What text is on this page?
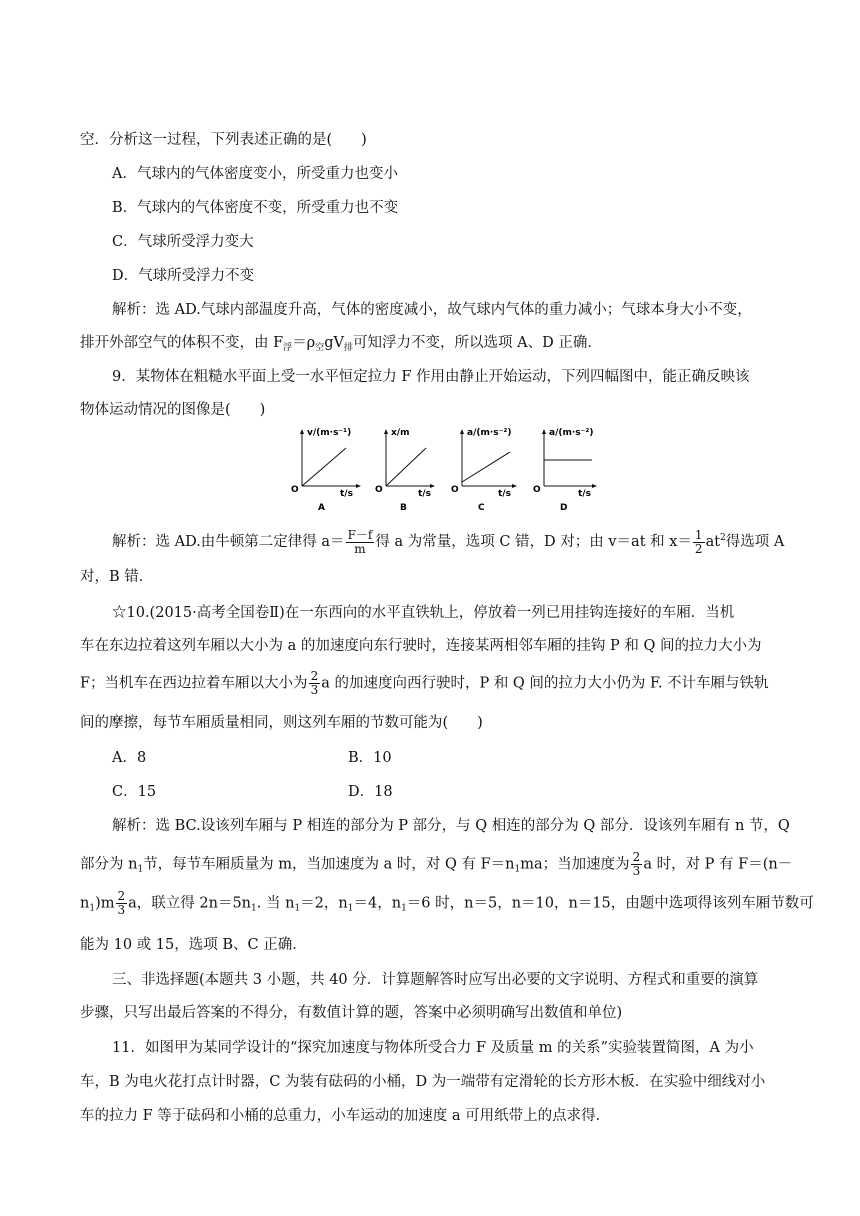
空．分析这一过程，下列表述正确的是(　　)
A．气球内的气体密度变小，所受重力也变小
B．气球内的气体密度不变，所受重力也不变
C．气球所受浮力变大
D．气球所受浮力不变
解析：选 AD.气球内部温度升高，气体的密度减小，故气球内气体的重力减小；气球本身大小不变，
排开外部空气的体积不变，由 $F_浮=\rho_空gV_排$可知浮力不变，所以选项 A、D 正确．
9．某物体在粗糙水平面上受一水平恒定拉力 F 作用由静止开始运动，下列四幅图中，能正确反映该
物体运动情况的图像是(　　)
v/(m·s⁻¹)
t/s
O
A
x/m
t/s
O
B
a/(m·s⁻²)
t/s
O
C
a/(m·s⁻²)
t/s
O
D
解析：选 AD.由牛顿第二定律得 $a= \frac{F-f}{m}$ 得 a 为常量，选项 C 错，D 对；由 v＝at 和 $x= \frac{1}{2} at^2$得选项 A
对，B 错．
☆10.(2015·高考全国卷Ⅱ)在一东西向的水平直铁轨上，停放着一列已用挂钩连接好的车厢．当机
车在东边拉着这列车厢以大小为 a 的加速度向东行驶时，连接某两相邻车厢的挂钩 P 和 Q 间的拉力大小为
F；当机车在西边拉着车厢以大小为 $\frac{2}{3}$ a 的加速度向西行驶时，P 和 Q 间的拉力大小仍为 F. 不计车厢与铁轨
间的摩擦，每节车厢质量相同，则这列车厢的节数可能为(　　)
A．8	B．10
C．15	D．18
解析：选 BC.设该列车厢与 P 相连的部分为 P 部分，与 Q 相连的部分为 Q 部分．设该列车厢有 n 节，Q
部分为 $n_1$节，每节车厢质量为 m，当加速度为 a 时，对 Q 有 $F=n_1ma$；当加速度为 $\frac{2}{3}$ a 时，对 P 有 F＝(n－
$n_1)m \frac{2}{3}$ a，联立得 $2n=5n_1$. 当 $n_1=2$，$n_1=4$，$n_1=6$ 时，n＝5，n＝10，n＝15，由题中选项得该列车厢节数可
能为 10 或 15，选项 B、C 正确．
三、非选择题(本题共 3 小题，共 40 分．计算题解答时应写出必要的文字说明、方程式和重要的演算
步骤，只写出最后答案的不得分，有数值计算的题，答案中必须明确写出数值和单位)
11．如图甲为某同学设计的“探究加速度与物体所受合力 F 及质量 m 的关系”实验装置简图，A 为小
车，B 为电火花打点计时器，C 为装有砝码的小桶，D 为一端带有定滑轮的长方形木板．在实验中细线对小
车的拉力 F 等于砝码和小桶的总重力，小车运动的加速度 a 可用纸带上的点求得．
